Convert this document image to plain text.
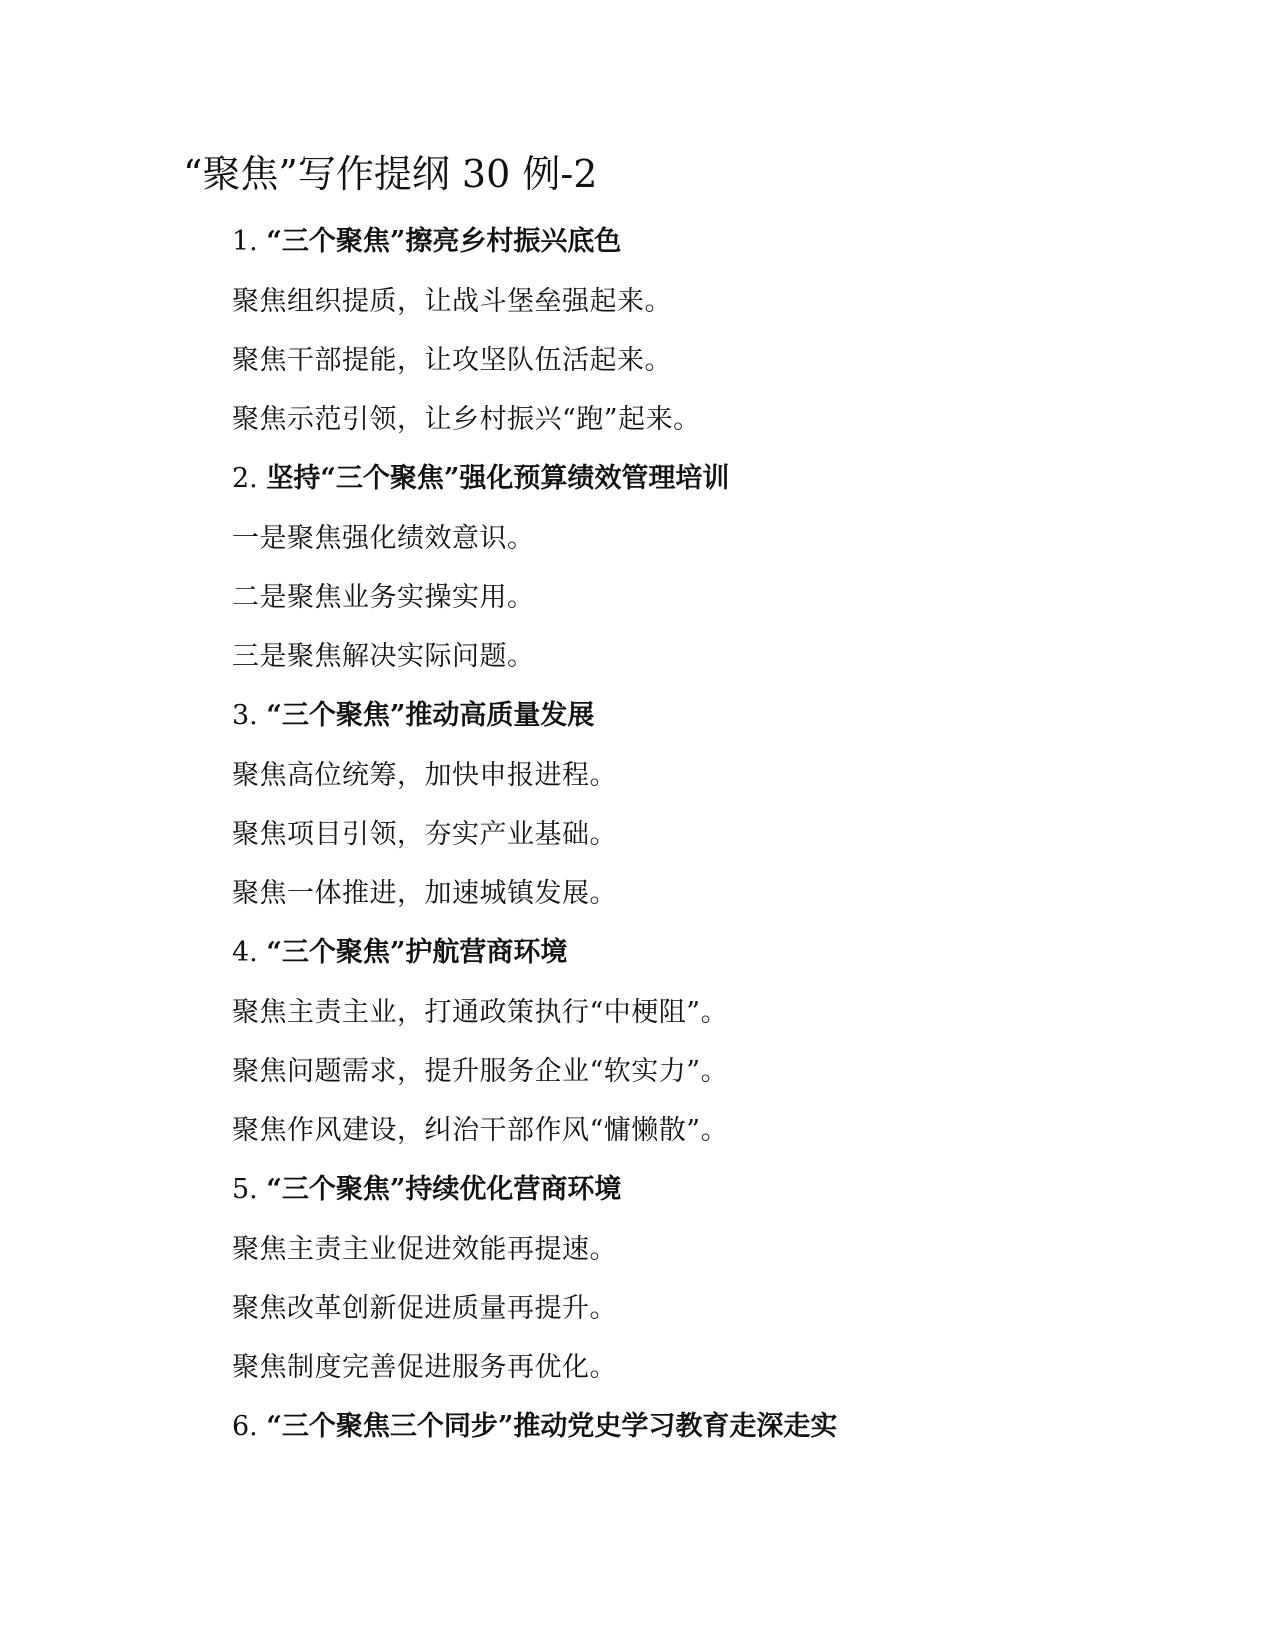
“聚焦”写作提纲 30 例-2
1. “三个聚焦”擦亮乡村振兴底色
聚焦组织提质，让战斗堡垒强起来。
聚焦干部提能，让攻坚队伍活起来。
聚焦示范引领，让乡村振兴“跑”起来。
2. 坚持“三个聚焦”强化预算绩效管理培训
一是聚焦强化绩效意识。
二是聚焦业务实操实用。
三是聚焦解决实际问题。
3. “三个聚焦”推动高质量发展
聚焦高位统筹，加快申报进程。
聚焦项目引领，夯实产业基础。
聚焦一体推进，加速城镇发展。
4. “三个聚焦”护航营商环境
聚焦主责主业，打通政策执行“中梗阻”。
聚焦问题需求，提升服务企业“软实力”。
聚焦作风建设，纠治干部作风“慵懒散”。
5. “三个聚焦”持续优化营商环境
聚焦主责主业促进效能再提速。
聚焦改革创新促进质量再提升。
聚焦制度完善促进服务再优化。
6. “三个聚焦三个同步”推动党史学习教育走深走实
